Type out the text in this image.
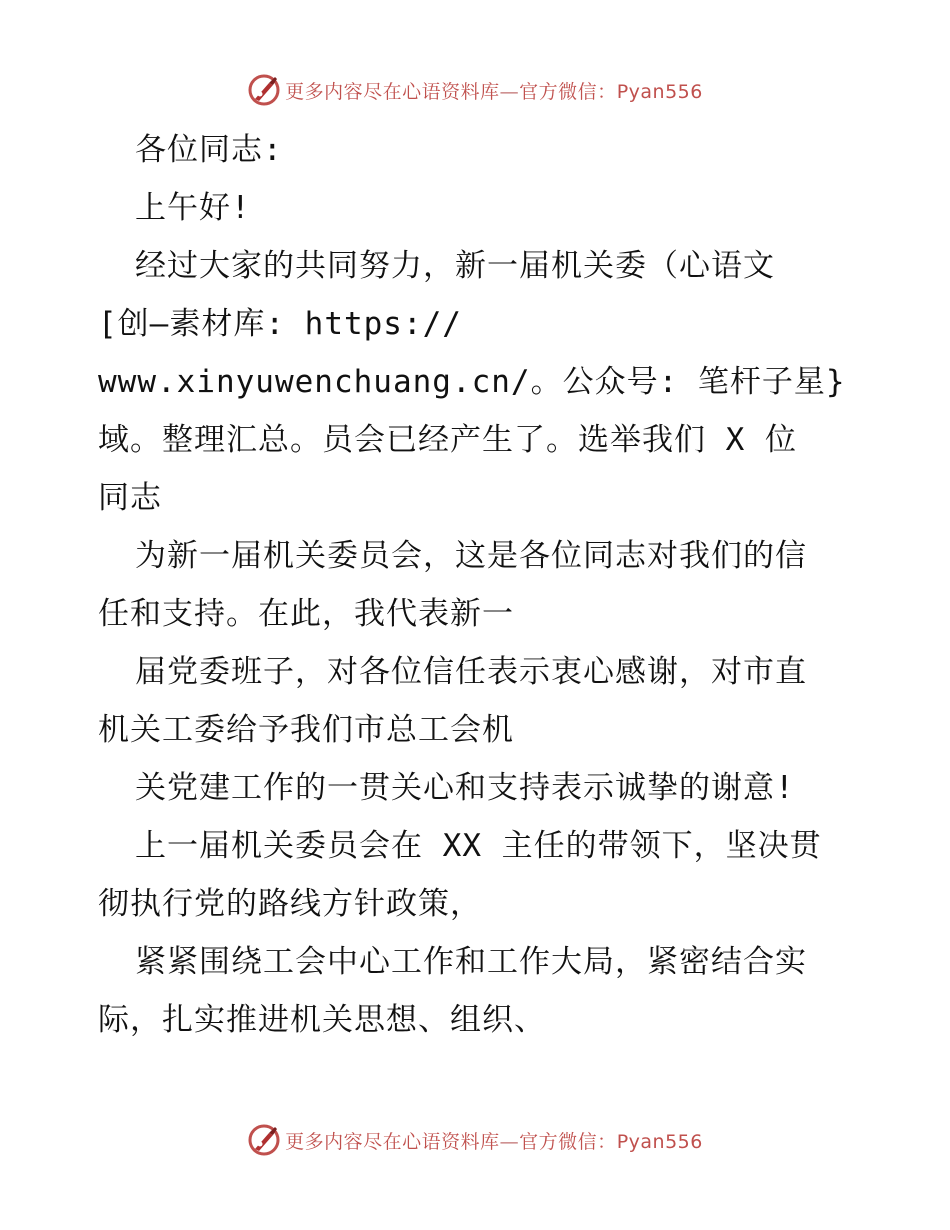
更多内容尽在心语资料库—官方微信：Pyan556
各位同志:
上午好!
经过大家的共同努力，新一届机关委（心语文
[创—素材库: https://
www.xinyuwenchuang.cn/。公众号: 笔杆子星}
域。整理汇总。员会已经产生了。选举我们 X 位
同志
为新一届机关委员会，这是各位同志对我们的信
任和支持。在此，我代表新一
届党委班子，对各位信任表示衷心感谢，对市直
机关工委给予我们市总工会机
关党建工作的一贯关心和支持表示诚挚的谢意!
上一届机关委员会在 XX 主任的带领下，坚决贯
彻执行党的路线方针政策，
紧紧围绕工会中心工作和工作大局，紧密结合实
际，扎实推进机关思想、组织、
更多内容尽在心语资料库—官方微信：Pyan556
